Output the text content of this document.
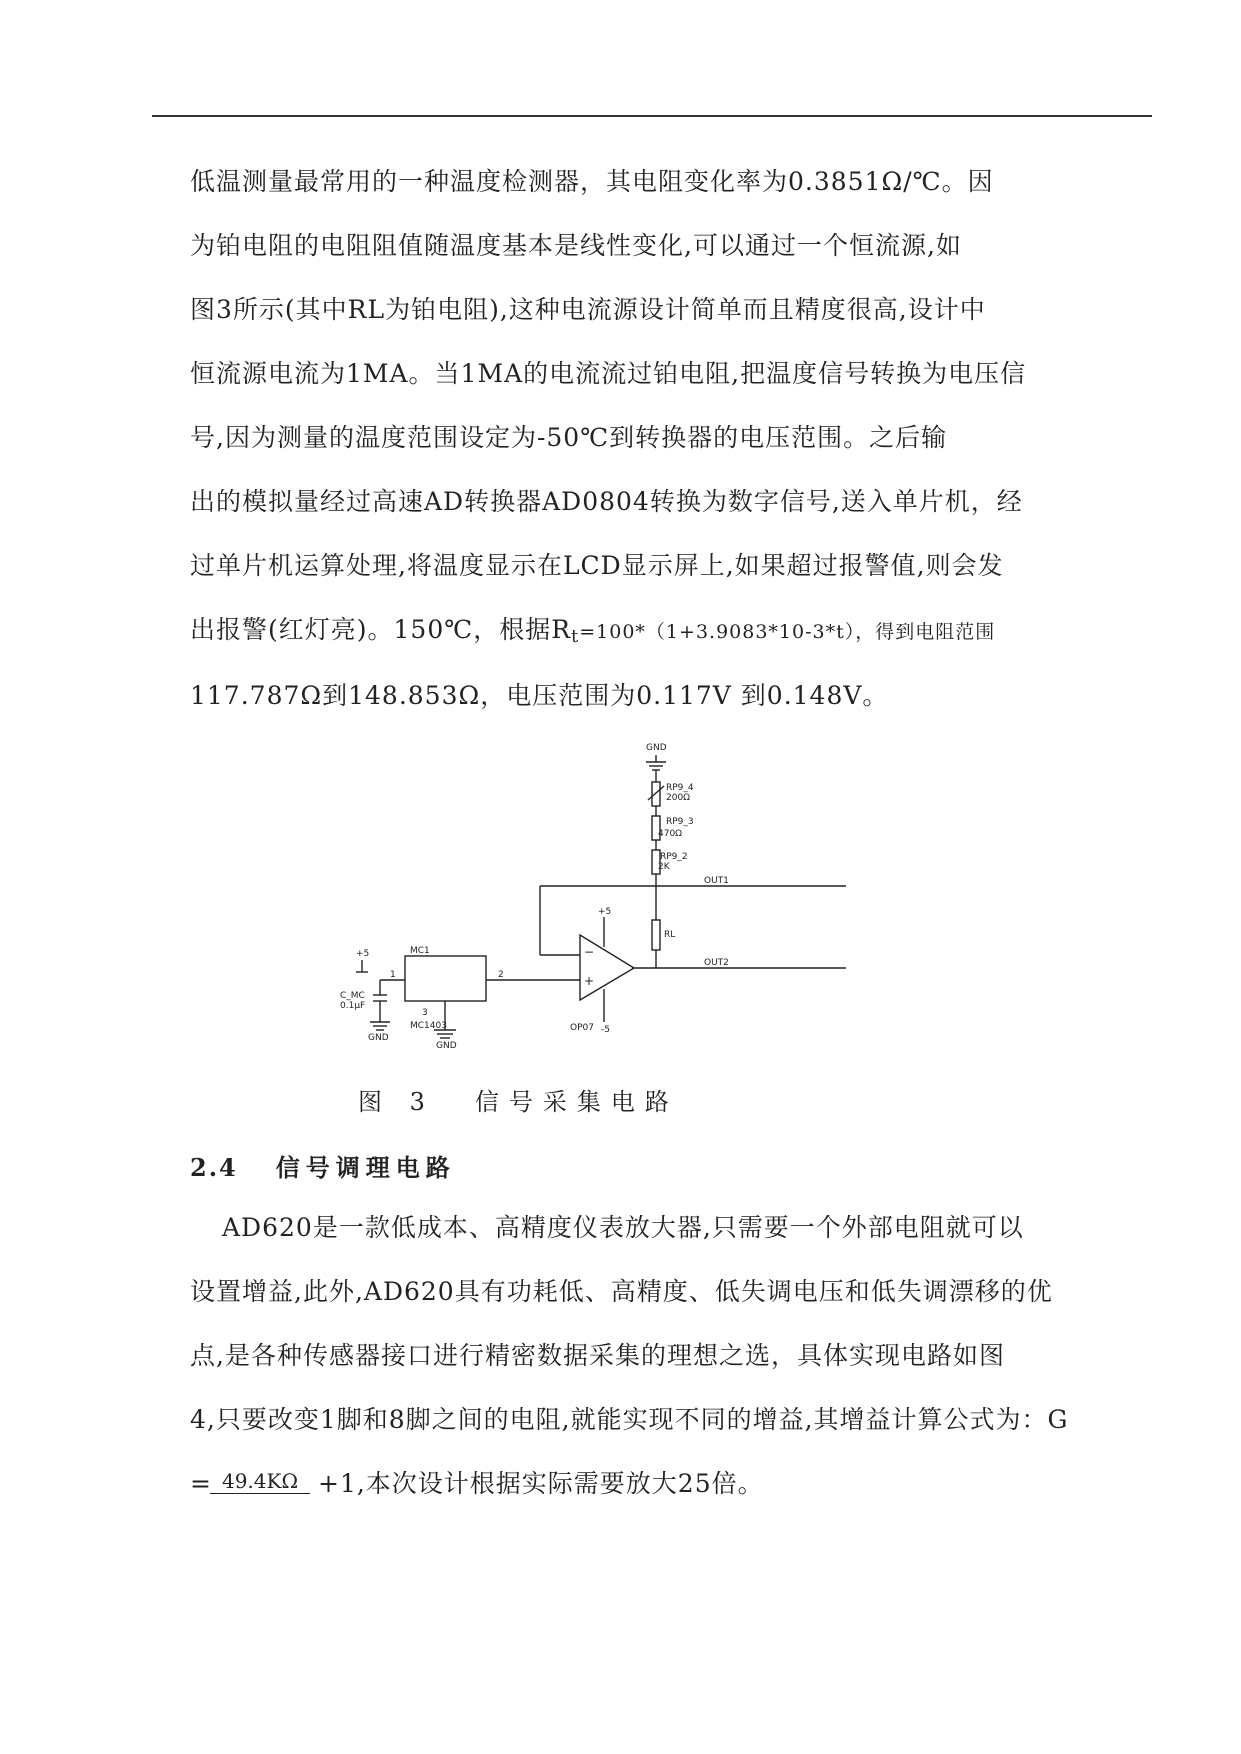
低温测量最常用的一种温度检测器，其电阻变化率为0.3851Ω/℃。因
为铂电阻的电阻阻值随温度基本是线性变化,可以通过一个恒流源,如
图3所示(其中RL为铂电阻),这种电流源设计简单而且精度很高,设计中
恒流源电流为1MA。当1MA的电流流过铂电阻,把温度信号转换为电压信
号,因为测量的温度范围设定为-50℃到转换器的电压范围。之后输
出的模拟量经过高速AD转换器AD0804转换为数字信号,送入单片机，经
过单片机运算处理,将温度显示在LCD显示屏上,如果超过报警值,则会发
出报警(红灯亮)。150℃，根据$R_t=100*(1+3.9083*10-3*t)$，得到电阻范围
117.787Ω到148.853Ω，电压范围为0.117V 到0.148V。
GND
RP9_4
200Ω
RP9_3
470Ω
RP9_2
2K
OUT1
+5
RL
OUT2
MC1
1	2
3
MC1403
GND
+5
C_MC
0.1μF
GND
OP07 -5
−
+
图 3 信号采集电路
2.4 信号调理电路
AD620是一款低成本、高精度仪表放大器,只需要一个外部电阻就可以
设置增益,此外,AD620具有功耗低、高精度、低失调电压和低失调漂移的优
点,是各种传感器接口进行精密数据采集的理想之选，具体实现电路如图
4,只要改变1脚和8脚之间的电阻,就能实现不同的增益,其增益计算公式为：G
= 49.4KΩ +1,本次设计根据实际需要放大25倍。
